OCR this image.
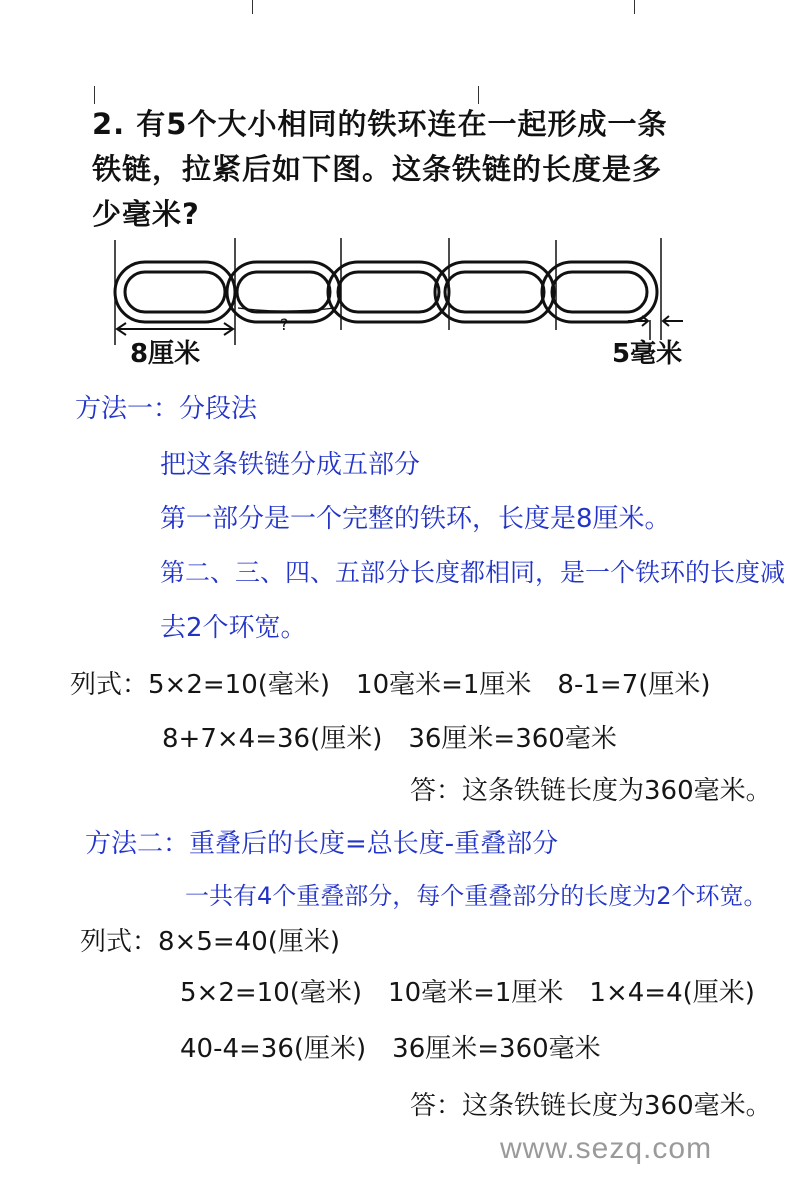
2. 有5个大小相同的铁环连在一起形成一条
铁链，拉紧后如下图。这条铁链的长度是多
少毫米?
?
8厘米	5毫米
方法一：分段法
把这条铁链分成五部分
第一部分是一个完整的铁环，长度是8厘米。
第二、三、四、五部分长度都相同，是一个铁环的长度减
去2个环宽。
列式：5×2=10(毫米)　10毫米=1厘米　8-1=7(厘米)
8+7×4=36(厘米)　36厘米=360毫米
答：这条铁链长度为360毫米。
方法二：重叠后的长度=总长度-重叠部分
一共有4个重叠部分，每个重叠部分的长度为2个环宽。
列式：8×5=40(厘米)
5×2=10(毫米)　10毫米=1厘米　1×4=4(厘米)
40-4=36(厘米)　36厘米=360毫米
答：这条铁链长度为360毫米。
www.sezq.com
